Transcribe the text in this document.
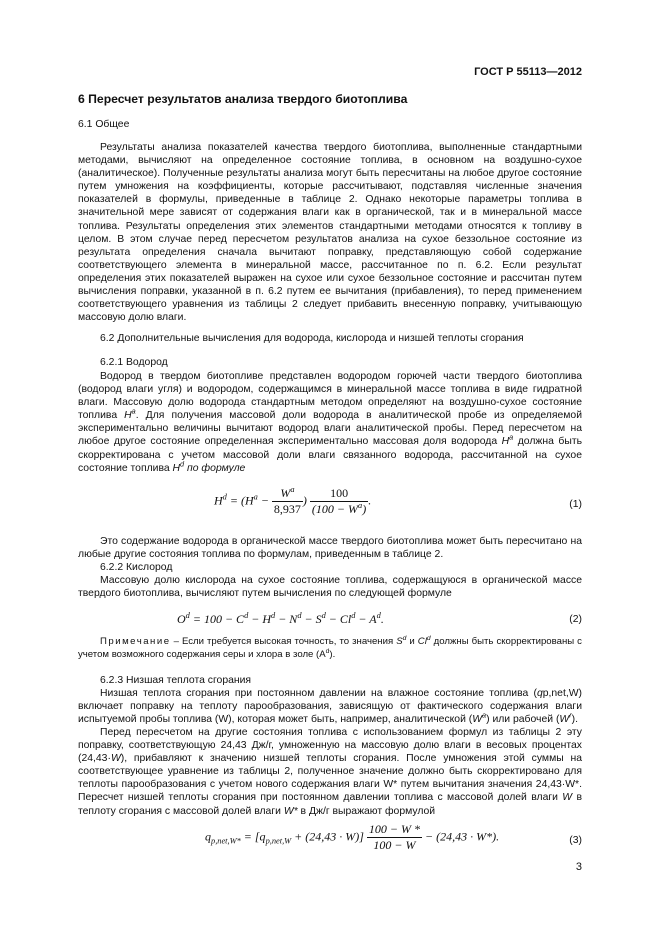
ГОСТ Р 55113—2012
6 Пересчет результатов анализа твердого биотоплива
6.1 Общее

Результаты анализа показателей качества твердого биотоплива, выполненные стандартными методами, вычисляют на определенное состояние топлива, в основном на воздушно-сухое (аналитическое). Полученные результаты анализа могут быть пересчитаны на любое другое состояние путем умножения на коэффициенты, которые рассчитывают, подставляя численные значения показателей в формулы, приведенные в таблице 2. Однако некоторые параметры топлива в значительной мере зависят от содержания влаги как в органической, так и в минеральной массе топлива. Результаты определения этих элементов стандартными методами относятся к топливу в целом. В этом случае перед пересчетом результатов анализа на сухое беззольное состояние из результата определения сначала вычитают поправку, представляющую собой содержание соответствующего элемента в минеральной массе, рассчитанное по п. 6.2. Если результат определения этих показателей выражен на сухое или сухое беззольное состояние и рассчитан путем вычисления поправки, указанной в п. 6.2 путем ее вычитания (прибавления), то перед применением соответствующего уравнения из таблицы 2 следует прибавить внесенную поправку, учитывающую массовую долю влаги.

6.2 Дополнительные вычисления для водорода, кислорода и низшей теплоты сгорания
6.2.1 Водород

Водород в твердом биотопливе представлен водородом горючей части твердого биотоплива (водород влаги угля) и водородом, содержащимся в минеральной массе топлива в виде гидратной влаги. Массовую долю водорода стандартным методом определяют на воздушно-сухое состояние топлива $H^a$. Для получения массовой доли водорода в аналитической пробе из определяемой экспериментально величины вычитают водород влаги аналитической пробы. Перед пересчетом на любое другое состояние определенная экспериментально массовая доля водорода $H^a$ должна быть скорректирована с учетом массовой доли влаги связанного водорода, рассчитанной на сухое состояние топлива $H^d$ по формуле

$H^d = (H^a - \frac{W^a}{8,937}$ ) $\frac{100}{(100 - W^a)}$ .	(1)

Это содержание водорода в органической массе твердого биотоплива может быть пересчитано на любые другие состояния топлива по формулам, приведенным в таблице 2.

6.2.2 Кислород

Массовую долю кислорода на сухое состояние топлива, содержащуюся в органической массе твердого биотоплива, вычисляют путем вычисления по следующей формуле

$O^d = 100 - C^d - H^d - N^d - S^d - Cl^d - A^d$.	(2)

Примечание – Если требуется высокая точность, то значения $S^d$ и Cl$^d$ должны быть скорректированы с учетом возможного содержания серы и хлора в золе $(A^d)$.

6.2.3 Низшая теплота сгорания

Низшая теплота сгорания при постоянном давлении на влажное состояние топлива (qp,net,W) включает поправку на теплоту парообразования, зависящую от фактического содержания влаги испытуемой пробы топлива (W), которая может быть, например, аналитической $(W^a)$ или рабочей $(W^r)$.

Перед пересчетом на другие состояния топлива с использованием формул из таблицы 2 эту поправку, соответствующую 24,43 Дж/г, умноженную на массовую долю влаги в весовых процентах (24,43·W), прибавляют к значению низшей теплоты сгорания. После умножения этой суммы на соответствующее уравнение из таблицы 2, полученное значение должно быть скорректировано для теплоты парообразования с учетом нового содержания влаги W* путем вычитания значения 24,43·W*. Пересчет низшей теплоты сгорания при постоянном давлении топлива с массовой долей влаги W в теплоту сгорания с массовой долей влаги W* в Дж/г выражают формулой

$q_{p,net,W*} = [q_{p,net,W} + (24,43 \cdot W)] \frac{100 - W *}{100 - W} - (24,43 \cdot W*)$.	(3)
3
